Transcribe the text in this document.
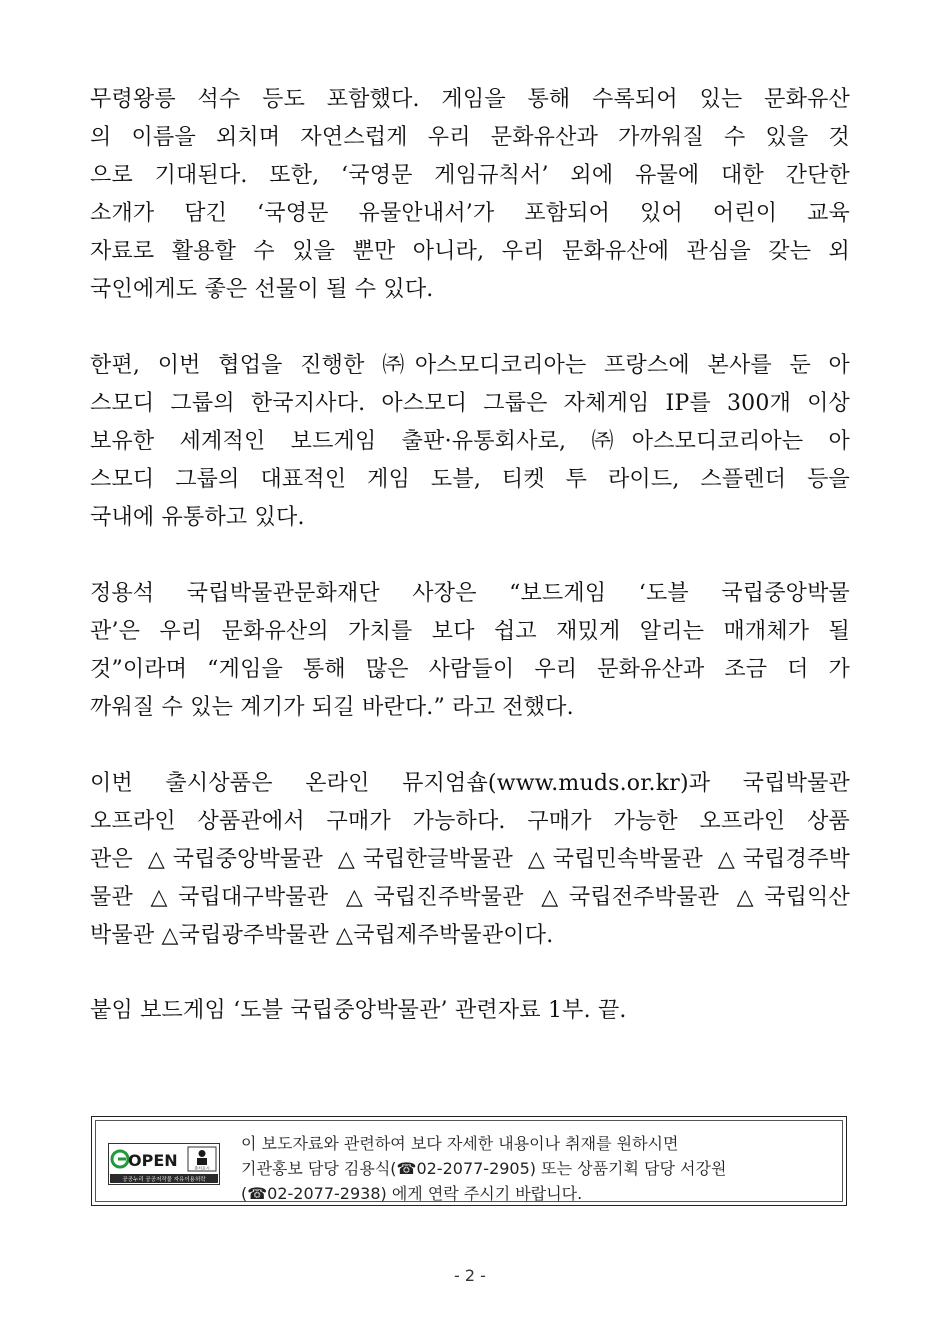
무령왕릉 석수 등도 포함했다. 게임을 통해 수록되어 있는 문화유산
의 이름을 외치며 자연스럽게 우리 문화유산과 가까워질 수 있을 것
으로 기대된다. 또한, ‘국영문 게임규칙서’ 외에 유물에 대한 간단한
소개가 담긴 ‘국영문 유물안내서’가 포함되어 있어 어린이 교육
자료로 활용할 수 있을 뿐만 아니라, 우리 문화유산에 관심을 갖는 외
국인에게도 좋은 선물이 될 수 있다.
한편, 이번 협업을 진행한 ㈜아스모디코리아는 프랑스에 본사를 둔 아
스모디 그룹의 한국지사다. 아스모디 그룹은 자체게임 IP를 300개 이상
보유한 세계적인 보드게임 출판·유통회사로, ㈜아스모디코리아는 아
스모디 그룹의 대표적인 게임 도블, 티켓 투 라이드, 스플렌더 등을
국내에 유통하고 있다.
정용석 국립박물관문화재단 사장은 “보드게임 ‘도블 국립중앙박물
관’은 우리 문화유산의 가치를 보다 쉽고 재밌게 알리는 매개체가 될
것”이라며 “게임을 통해 많은 사람들이 우리 문화유산과 조금 더 가
까워질 수 있는 계기가 되길 바란다.” 라고 전했다.
이번 출시상품은 온라인 뮤지엄숍(www.muds.or.kr)과 국립박물관
오프라인 상품관에서 구매가 가능하다. 구매가 가능한 오프라인 상품
관은 △국립중앙박물관 △국립한글박물관 △국립민속박물관 △국립경주박
물관 △국립대구박물관 △국립진주박물관 △국립전주박물관 △국립익산
박물관 △국립광주박물관 △국립제주박물관이다.
붙임 보드게임 ‘도블 국립중앙박물관’ 관련자료 1부. 끝.
OPEN	출처표시
공공누리 공공저작물 자유이용허락
이 보도자료와 관련하여 보다 자세한 내용이나 취재를 원하시면
기관홍보 담당 김용식(☎02-2077-2905) 또는 상품기획 담당 서강원
(☎02-2077-2938) 에게 연락 주시기 바랍니다.
- 2 -
